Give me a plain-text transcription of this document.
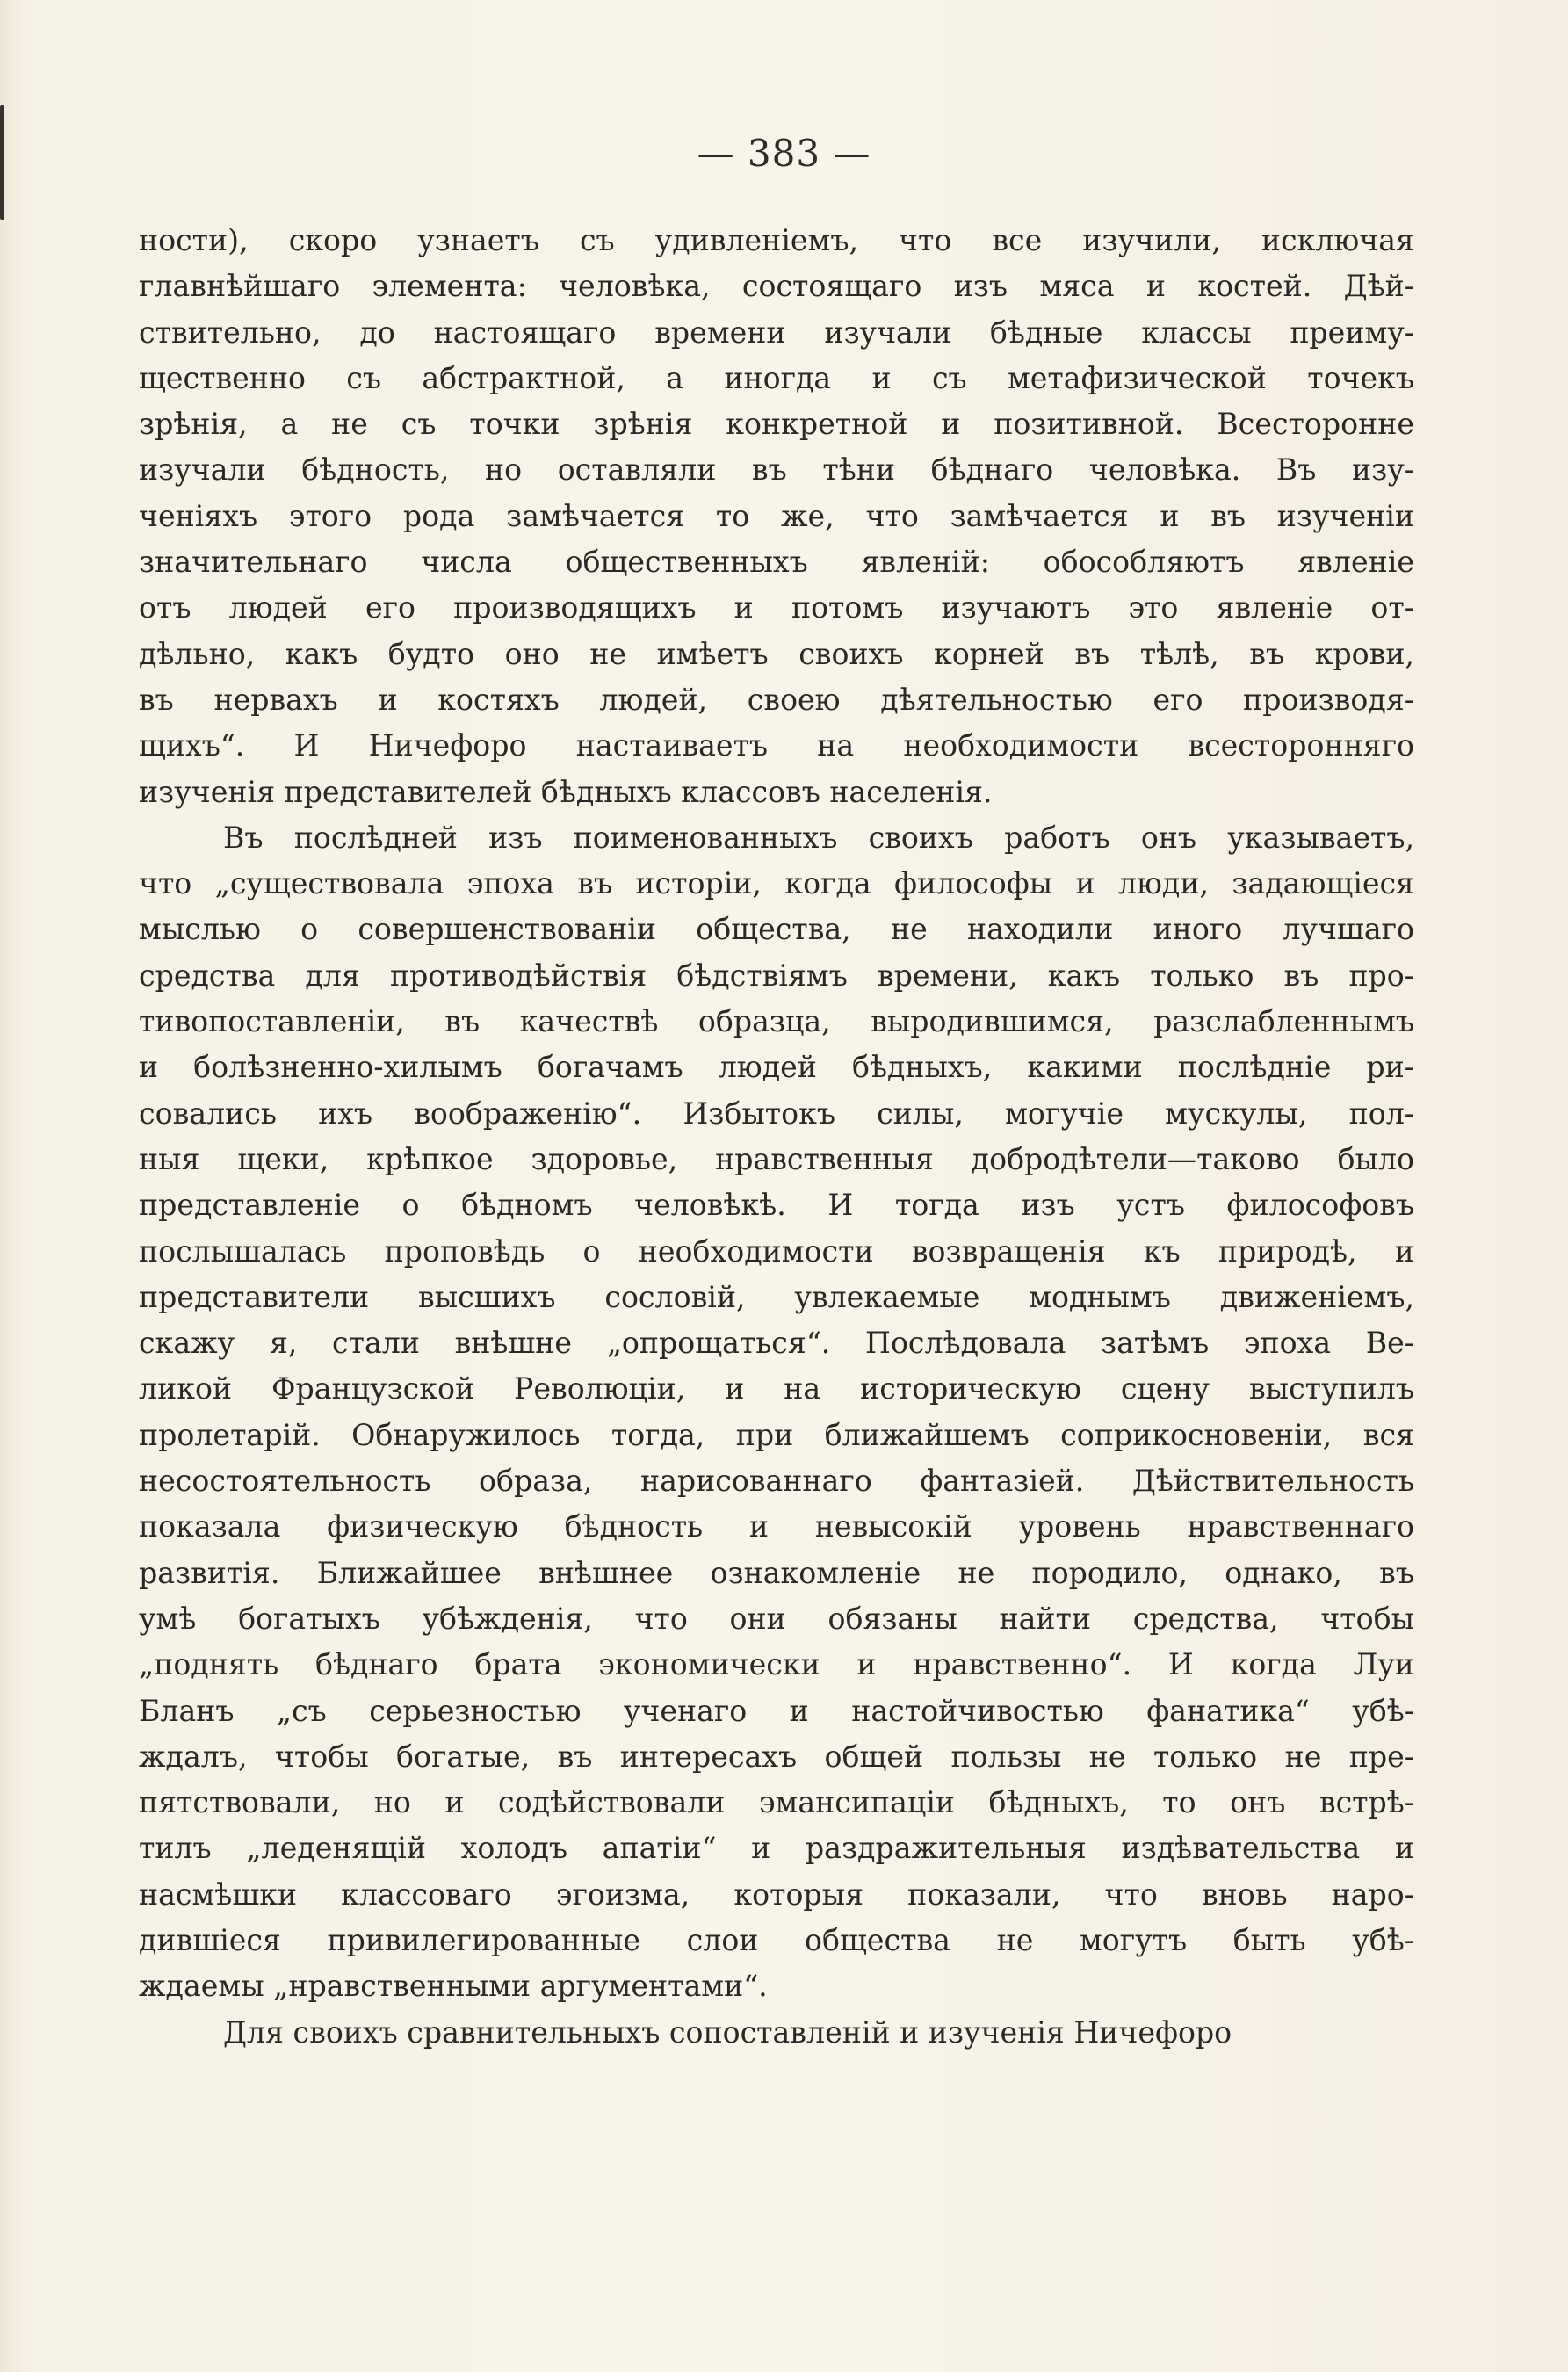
— 383 —
ности), скоро узнаетъ съ удивленіемъ, что все изучили, исключая
главнѣйшаго элемента: человѣка, состоящаго изъ мяса и костей. Дѣй-
ствительно, до настоящаго времени изучали бѣдные классы преиму-
щественно съ абстрактной, а иногда и съ метафизической точекъ
зрѣнія, а не съ точки зрѣнія конкретной и позитивной. Всесторонне
изучали бѣдность, но оставляли въ тѣни бѣднаго человѣка. Въ изу-
ченіяхъ этого рода замѣчается то же, что замѣчается и въ изученіи
значительнаго числа общественныхъ явленій: обособляютъ явленіе
отъ людей его производящихъ и потомъ изучаютъ это явленіе от-
дѣльно, какъ будто оно не имѣетъ своихъ корней въ тѣлѣ, въ крови,
въ нервахъ и костяхъ людей, своею дѣятельностью его производя-
щихъ“. И Ничефоро настаиваетъ на необходимости всесторонняго
изученія представителей бѣдныхъ классовъ населенія.
Въ послѣдней изъ поименованныхъ своихъ работъ онъ указываетъ,
что „существовала эпоха въ исторіи, когда философы и люди, задающіеся
мыслью о совершенствованіи общества, не находили иного лучшаго
средства для противодѣйствія бѣдствіямъ времени, какъ только въ про-
тивопоставленіи, въ качествѣ образца, выродившимся, разслабленнымъ
и болѣзненно-хилымъ богачамъ людей бѣдныхъ, какими послѣдніе ри-
совались ихъ воображенію“. Избытокъ силы, могучіе мускулы, пол-
ныя щеки, крѣпкое здоровье, нравственныя добродѣтели—таково было
представленіе о бѣдномъ человѣкѣ. И тогда изъ устъ философовъ
послышалась проповѣдь о необходимости возвращенія къ природѣ, и
представители высшихъ сословій, увлекаемые моднымъ движеніемъ,
скажу я, стали внѣшне „опрощаться“. Послѣдовала затѣмъ эпоха Ве-
ликой Французской Революціи, и на историческую сцену выступилъ
пролетарій. Обнаружилось тогда, при ближайшемъ соприкосновеніи, вся
несостоятельность образа, нарисованнаго фантазіей. Дѣйствительность
показала физическую бѣдность и невысокій уровень нравственнаго
развитія. Ближайшее внѣшнее ознакомленіе не породило, однако, въ
умѣ богатыхъ убѣжденія, что они обязаны найти средства, чтобы
„поднять бѣднаго брата экономически и нравственно“. И когда Луи
Бланъ „съ серьезностью ученаго и настойчивостью фанатика“ убѣ-
ждалъ, чтобы богатые, въ интересахъ общей пользы не только не пре-
пятствовали, но и содѣйствовали эмансипаціи бѣдныхъ, то онъ встрѣ-
тилъ „леденящій холодъ апатіи“ и раздражительныя издѣвательства и
насмѣшки классоваго эгоизма, которыя показали, что вновь наро-
дившіеся привилегированные слои общества не могутъ быть убѣ-
ждаемы „нравственными аргументами“.
Для своихъ сравнительныхъ сопоставленій и изученія Ничефоро
